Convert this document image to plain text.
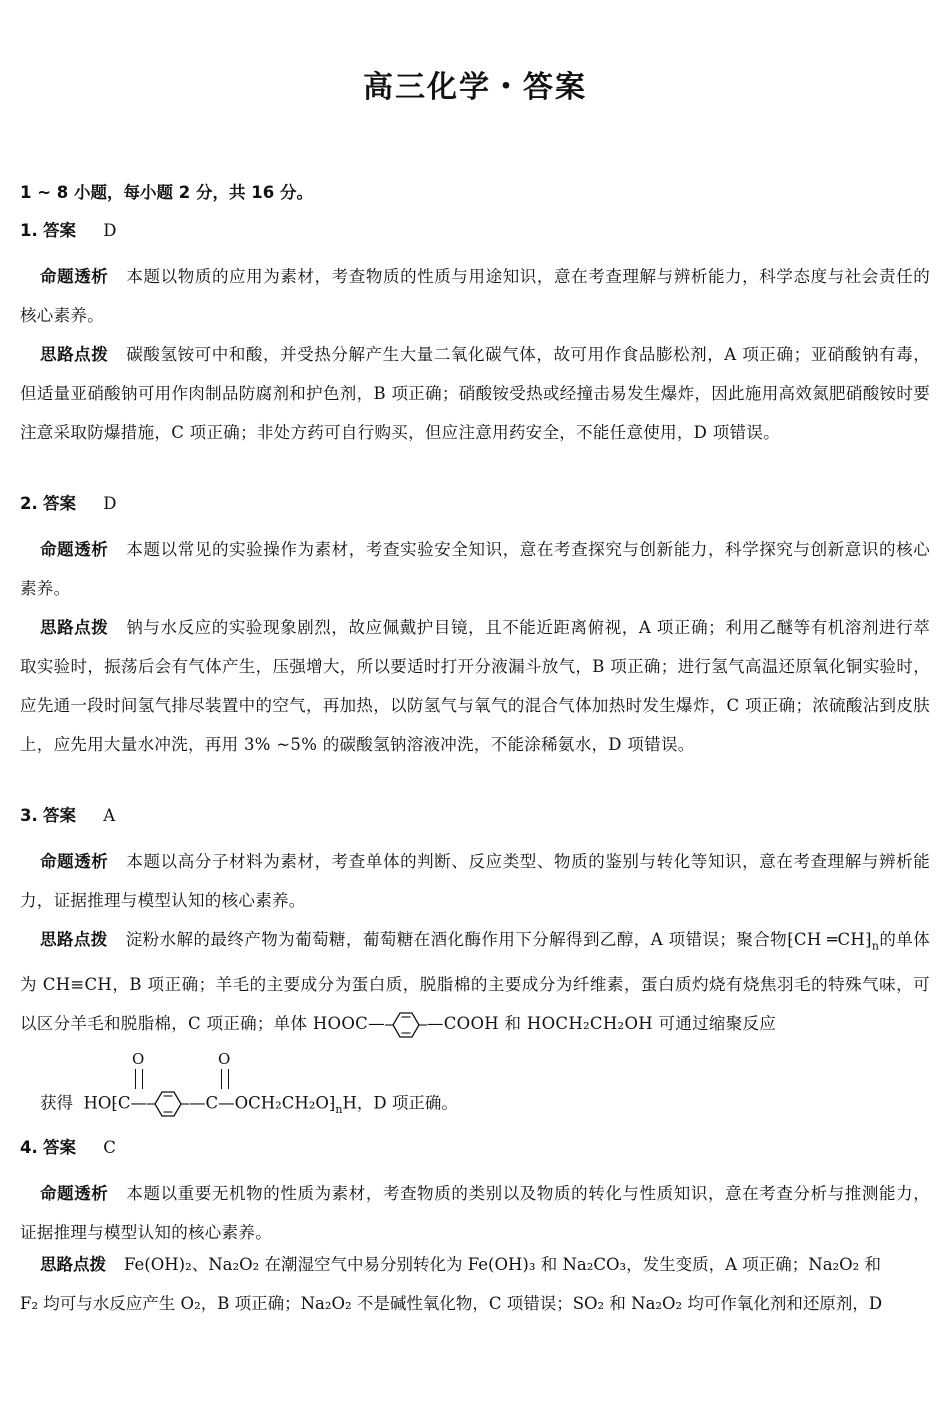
高三化学・答案
1 ~ 8 小题，每小题 2 分，共 16 分。
1. 答案 D
命题透析 本题以物质的应用为素材，考查物质的性质与用途知识，意在考查理解与辨析能力，科学态度与社会责任的核心素养。
思路点拨 碳酸氢铵可中和酸，并受热分解产生大量二氧化碳气体，故可用作食品膨松剂，A 项正确；亚硝酸钠有毒，但适量亚硝酸钠可用作肉制品防腐剂和护色剂，B 项正确；硝酸铵受热或经撞击易发生爆炸，因此施用高效氮肥硝酸铵时要注意采取防爆措施，C 项正确；非处方药可自行购买，但应注意用药安全，不能任意使用，D 项错误。
2. 答案 D
命题透析 本题以常见的实验操作为素材，考查实验安全知识，意在考查探究与创新能力，科学探究与创新意识的核心素养。
思路点拨 钠与水反应的实验现象剧烈，故应佩戴护目镜，且不能近距离俯视，A 项正确；利用乙醚等有机溶剂进行萃取实验时，振荡后会有气体产生，压强增大，所以要适时打开分液漏斗放气，B 项正确；进行氢气高温还原氧化铜实验时，应先通一段时间氢气排尽装置中的空气，再加热，以防氢气与氧气的混合气体加热时发生爆炸，C 项正确；浓硫酸沾到皮肤上，应先用大量水冲洗，再用 3% ~5% 的碳酸氢钠溶液冲洗，不能涂稀氨水，D 项错误。
3. 答案 A
命题透析 本题以高分子材料为素材，考查单体的判断、反应类型、物质的鉴别与转化等知识，意在考查理解与辨析能力，证据推理与模型认知的核心素养。
思路点拨 淀粉水解的最终产物为葡萄糖，葡萄糖在酒化酶作用下分解得到乙醇，A 项错误；聚合物⁅CH $═CH⁆_n$的单体为 CH≡CH，B 项正确；羊毛的主要成分为蛋白质，脱脂棉的主要成分为纤维素，蛋白质灼烧有烧焦羽毛的特殊气味，可以区分羊毛和脱脂棉，C 项正确；单体 HOOC—	—COOH 和 HOCH₂CH₂OH 可通过缩聚反应
O	O
获得 HO⁅C—	$—C—OCH_2CH_2O⁆_nH$，D 项正确。
4. 答案 C
命题透析 本题以重要无机物的性质为素材，考查物质的类别以及物质的转化与性质知识，意在考查分析与推测能力，证据推理与模型认知的核心素养。
思路点拨 Fe(OH)₂、Na₂O₂ 在潮湿空气中易分别转化为 Fe(OH)₃ 和 Na₂CO₃，发生变质，A 项正确；Na₂O₂ 和
F₂ 均可与水反应产生 O₂，B 项正确；Na₂O₂ 不是碱性氧化物，C 项错误；SO₂ 和 Na₂O₂ 均可作氧化剂和还原剂，D
